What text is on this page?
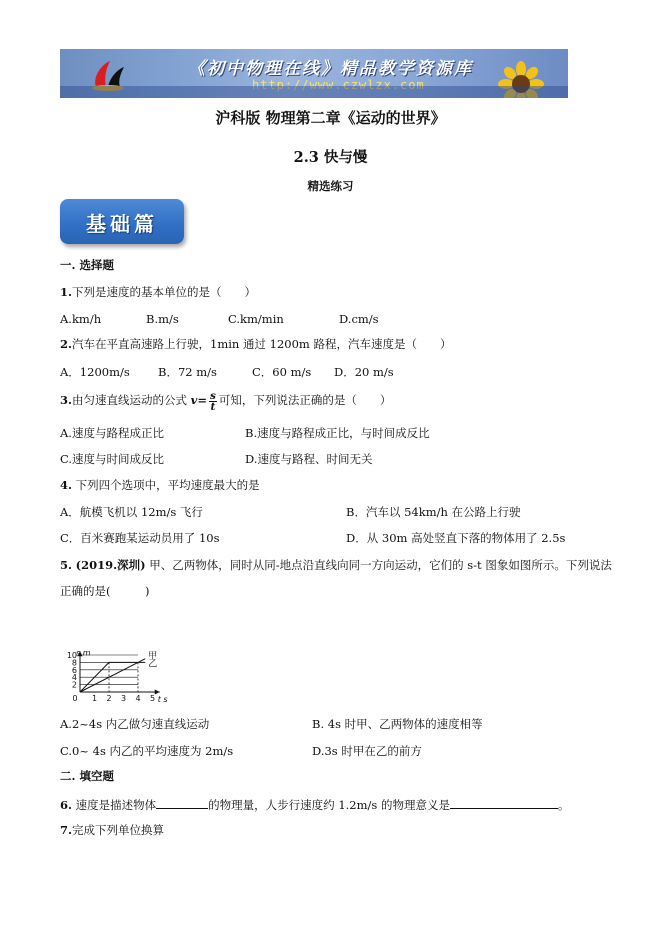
《初中物理在线》精品教学资源库
http://www.czwlzx.com
沪科版 物理第二章《运动的世界》
2.3 快与慢
精选练习
基础篇
一. 选择题
1.下列是速度的基本单位的是（　　）
A.km/h	B.m/s	C.km/min	D.cm/s
2.汽车在平直高速路上行驶，1min 通过 1200m 路程，汽车速度是（　　）
A．1200m/s B．72 m/s	C．60 m/s D．20 m/s
3.由匀速直线运动的公式 $v= \frac{s}{t}$ 可知，下列说法正确的是（　　）
A.速度与路程成正比	B.速度与路程成正比，与时间成反比
C.速度与时间成反比	D.速度与路程、时间无关
4. 下列四个选项中，平均速度最大的是
A．航模飞机以 12m/s 飞行	B．汽车以 54km/h 在公路上行驶
C．百米赛跑某运动员用了 10s	D．从 30m 高处竖直下落的物体用了 2.5s
5. (2019.深圳) 甲、乙两物体，同时从同-地点沿直线向同一方向运动，它们的 s-t 图象如图所示。下列说法
正确的是(　　　)
2
4
6
8
10
0 1 2 3 4 5
甲
乙
s m
t s
A.2~4s 内乙做匀速直线运动	B. 4s 时甲、乙两物体的速度相等
C.0~ 4s 内乙的平均速度为 2m/s	D.3s 时甲在乙的前方
二. 填空题
6. 速度是描述物体	的物理量，人步行速度约 1.2m/s 的物理意义是	。
7.完成下列单位换算
